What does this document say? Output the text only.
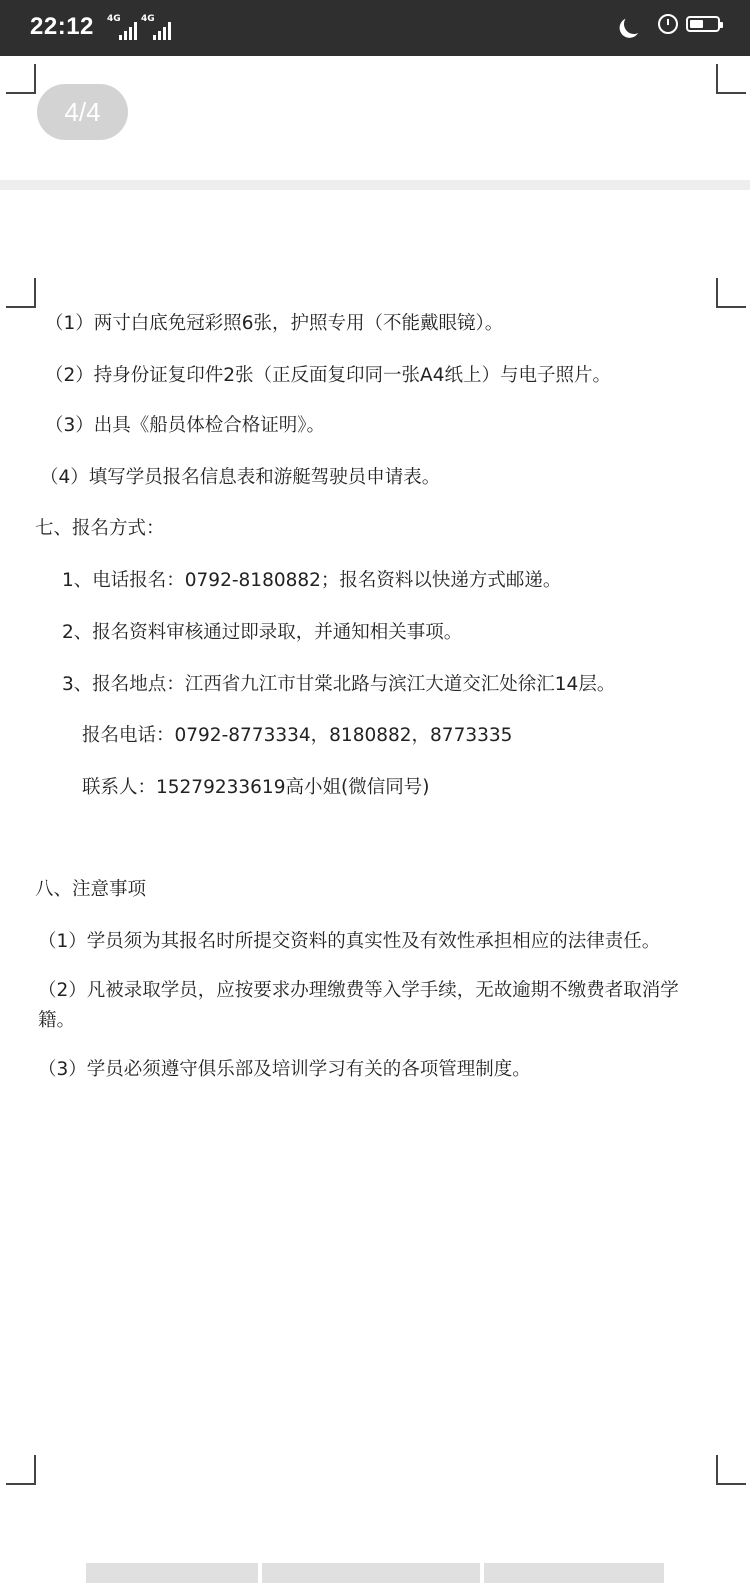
22:12 4G 4G
4/4
（1）两寸白底免冠彩照6张，护照专用（不能戴眼镜）。
（2）持身份证复印件2张（正反面复印同一张A4纸上）与电子照片。
（3）出具《船员体检合格证明》。
（4）填写学员报名信息表和游艇驾驶员申请表。
七、报名方式：
1、电话报名：0792-8180882；报名资料以快递方式邮递。
2、报名资料审核通过即录取，并通知相关事项。
3、报名地点：江西省九江市甘棠北路与滨江大道交汇处徐汇14层。
报名电话：0792-8773334，8180882，8773335
联系人：15279233619高小姐(微信同号)
八、注意事项
（1）学员须为其报名时所提交资料的真实性及有效性承担相应的法律责任。
（2）凡被录取学员，应按要求办理缴费等入学手续，无故逾期不缴费者取消学籍。
（3）学员必须遵守俱乐部及培训学习有关的各项管理制度。
